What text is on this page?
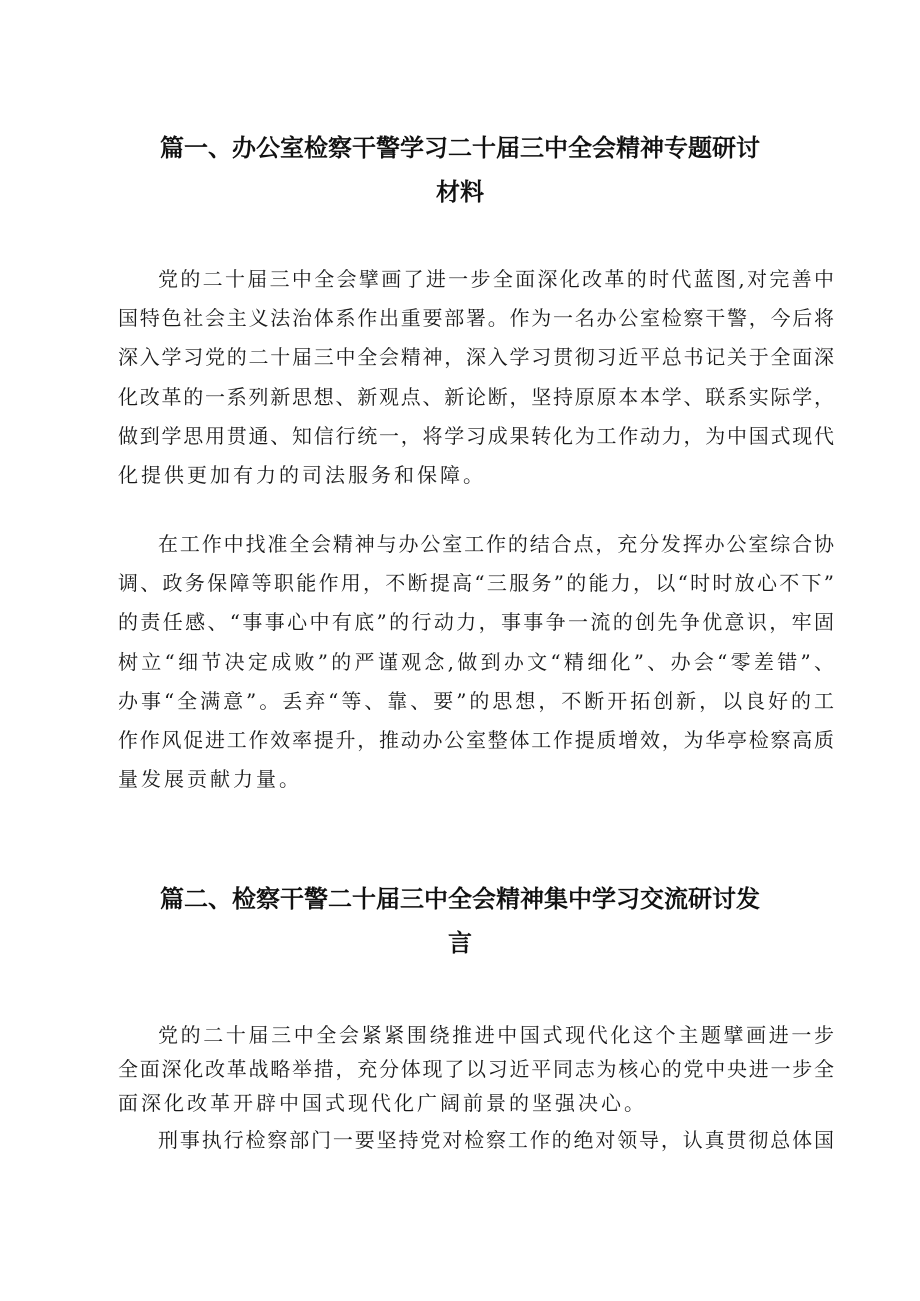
篇一、办公室检察干警学习二十届三中全会精神专题研讨
材料
党的二十届三中全会擘画了进一步全面深化改革的时代蓝图,对完善中
国特色社会主义法治体系作出重要部署。作为一名办公室检察干警，今后将
深入学习党的二十届三中全会精神，深入学习贯彻习近平总书记关于全面深
化改革的一系列新思想、新观点、新论断，坚持原原本本学、联系实际学，
做到学思用贯通、知信行统一，将学习成果转化为工作动力，为中国式现代
化提供更加有力的司法服务和保障。
在工作中找准全会精神与办公室工作的结合点，充分发挥办公室综合协
调、政务保障等职能作用，不断提高“三服务”的能力，以“时时放心不下”
的责任感、“事事心中有底”的行动力，事事争一流的创先争优意识，牢固
树立“细节决定成败”的严谨观念,做到办文“精细化”、办会“零差错”、
办事“全满意”。丢弃“等、靠、要”的思想，不断开拓创新，以良好的工
作作风促进工作效率提升，推动办公室整体工作提质增效，为华亭检察高质
量发展贡献力量。
篇二、检察干警二十届三中全会精神集中学习交流研讨发
言
党的二十届三中全会紧紧围绕推进中国式现代化这个主题擘画进一步
全面深化改革战略举措，充分体现了以习近平同志为核心的党中央进一步全
面深化改革开辟中国式现代化广阔前景的坚强决心。
刑事执行检察部门一要坚持党对检察工作的绝对领导，认真贯彻总体国
